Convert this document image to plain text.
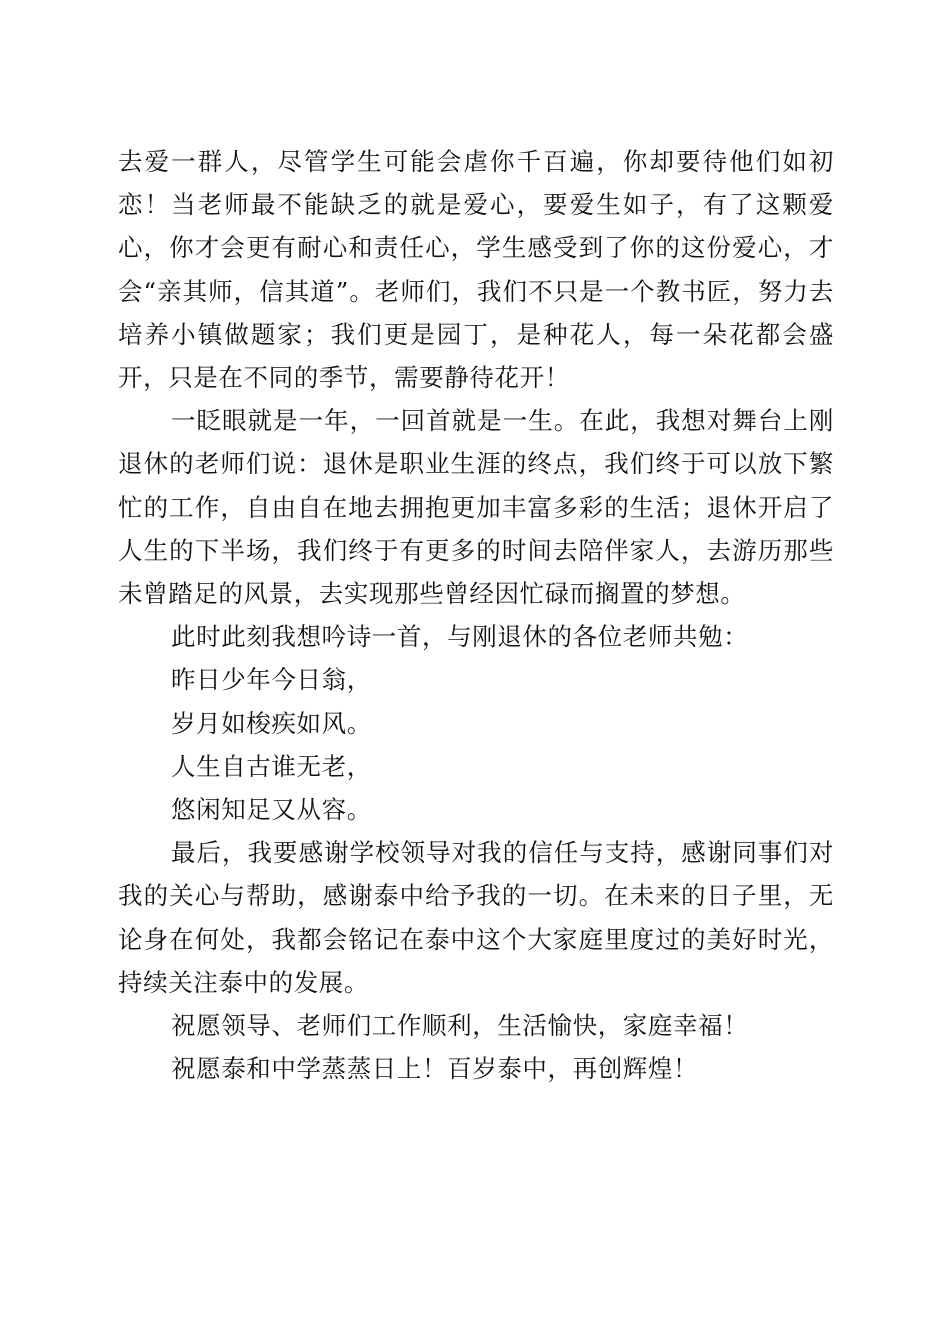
去爱一群人，尽管学生可能会虐你千百遍，你却要待他们如初恋！当老师最不能缺乏的就是爱心，要爱生如子，有了这颗爱心，你才会更有耐心和责任心，学生感受到了你的这份爱心，才会“亲其师，信其道”。老师们，我们不只是一个教书匠，努力去培养小镇做题家；我们更是园丁，是种花人，每一朵花都会盛开，只是在不同的季节，需要静待花开！

一眨眼就是一年，一回首就是一生。在此，我想对舞台上刚退休的老师们说：退休是职业生涯的终点，我们终于可以放下繁忙的工作，自由自在地去拥抱更加丰富多彩的生活；退休开启了人生的下半场，我们终于有更多的时间去陪伴家人，去游历那些未曾踏足的风景，去实现那些曾经因忙碌而搁置的梦想。

此时此刻我想吟诗一首，与刚退休的各位老师共勉：

昨日少年今日翁，

岁月如梭疾如风。

人生自古谁无老，

悠闲知足又从容。

最后，我要感谢学校领导对我的信任与支持，感谢同事们对我的关心与帮助，感谢泰中给予我的一切。在未来的日子里，无论身在何处，我都会铭记在泰中这个大家庭里度过的美好时光，持续关注泰中的发展。

祝愿领导、老师们工作顺利，生活愉快，家庭幸福！

祝愿泰和中学蒸蒸日上！百岁泰中，再创辉煌！
